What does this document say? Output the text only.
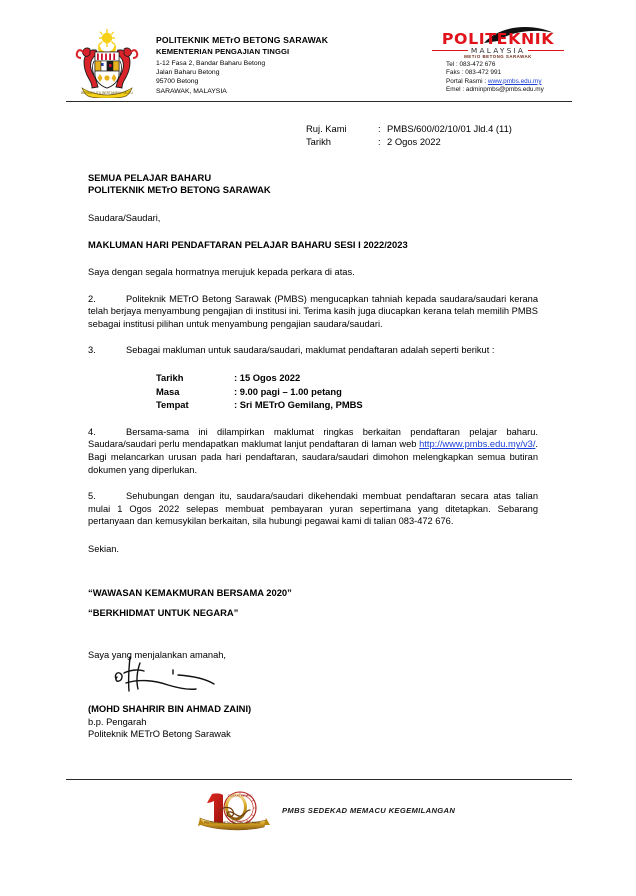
BERSEKUTU BERTAMBAH MUTU
POLITEKNIK METrO BETONG SARAWAK
KEMENTERIAN PENGAJIAN TINGGI
1-12 Fasa 2, Bandar Baharu Betong
Jalan Baharu Betong
95700 Betong
SARAWAK, MALAYSIA
POLITEKNIK
MALAYSIA
METrO BETONG SARAWAK
Tel : 083-472 676
Faks : 083-472 991
Portal Rasmi : www.pmbs.edu.my
Emel : adminpmbs@pmbs.edu.my
Ruj. Kami	: PMBS/600/02/10/01 Jld.4 (11)
Tarikh	: 2 Ogos 2022
SEMUA PELAJAR BAHARU
POLITEKNIK METrO BETONG SARAWAK
Saudara/Saudari,
MAKLUMAN HARI PENDAFTARAN PELAJAR BAHARU SESI I 2022/2023
Saya dengan segala hormatnya merujuk kepada perkara di atas.

2.	Politeknik METrO Betong Sarawak (PMBS) mengucapkan tahniah kepada saudara/saudari kerana telah berjaya menyambung pengajian di institusi ini. Terima kasih juga diucapkan kerana telah memilih PMBS sebagai institusi pilihan untuk menyambung pengajian saudara/saudari.

3.	Sebagai makluman untuk saudara/saudari, maklumat pendaftaran adalah seperti berikut :

Tarikh	: 15 Ogos 2022
Masa	: 9.00 pagi – 1.00 petang
Tempat	: Sri METrO Gemilang, PMBS

4.	Bersama-sama ini dilampirkan maklumat ringkas berkaitan pendaftaran pelajar baharu. Saudara/saudari perlu mendapatkan maklumat lanjut pendaftaran di laman web http://www.pmbs.edu.my/v3/. Bagi melancarkan urusan pada hari pendaftaran, saudara/saudari dimohon melengkapkan semua butiran dokumen yang diperlukan.

5.	Sehubungan dengan itu, saudara/saudari dikehendaki membuat pendaftaran secara atas talian mulai 1 Ogos 2022 selepas membuat pembayaran yuran sepertimana yang ditetapkan. Sebarang pertanyaan dan kemusykilan berkaitan, sila hubungi pegawai kami di talian 083-472 676.

Sekian.
“WAWASAN KEMAKMURAN BERSAMA 2020”
“BERKHIDMAT UNTUK NEGARA”
Saya yang menjalankan amanah,
(MOHD SHAHRIR BIN AHMAD ZAINI)
b.p. Pengarah
Politeknik METrO Betong Sarawak
POLITEKNIK METrO BETONG SARAWAK
SEDEKAD MEMACU
PMBS SEDEKAD MEMACU KEGEMILANGAN
